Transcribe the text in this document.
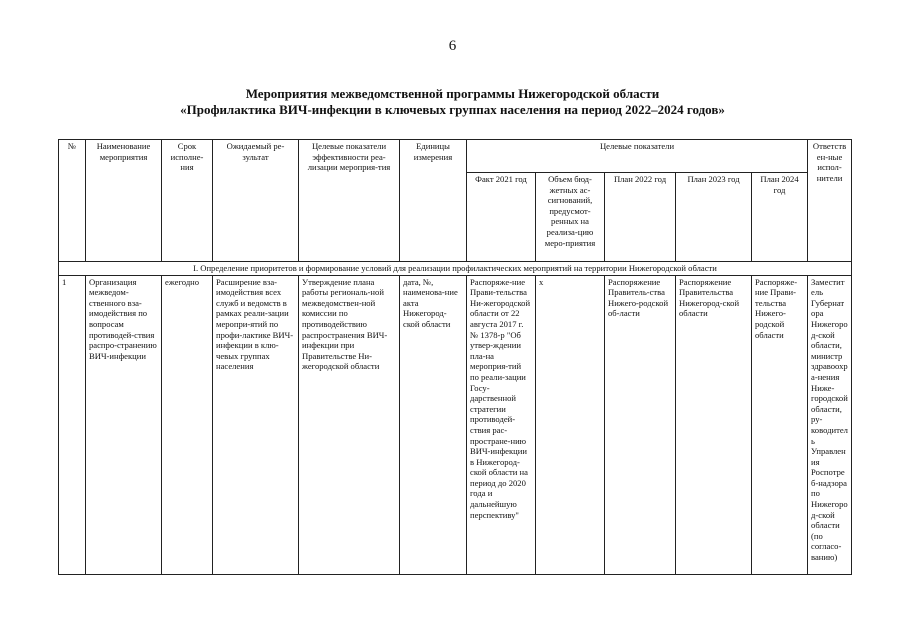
6
Мероприятия межведомственной программы Нижегородской области
«Профилактика ВИЧ-инфекции в ключевых группах населения на период 2022–2024 годов»
№	Наименование мероприятия	Срок исполне-ния	Ожидаемый ре-зультат	Целевые показатели эффективности реа-лизации мероприя-тия	Единицы измерения	Целевые показатели					Ответствен-ные испол-нители
						Факт 2021 год	Объем бюд-жетных ас-сигнований, предусмот-ренных на реализа-цию меро-приятия	План 2022 год	План 2023 год	План 2024 год	
I. Определение приоритетов и формирование условий для реализации профилактических мероприятий на территории Нижегородской области											
1	Организация межведом-ственного вза-имодействия по вопросам противодей-ствия распро-странению ВИЧ-инфекции	ежегодно	Расширение вза-имодействия всех служб и ведомств в рамках реали-зации меропри-ятий по профи-лактике ВИЧ-инфекции в клю-чевых группах населения	Утверждение плана работы региональ-ной межведомствен-ной комиссии по противодействию распространения ВИЧ-инфекции при Правительстве Ни-жегородской области	дата, №, наименова-ние акта Нижегород-ской области	Распоряже-ние Прави-тельства Ни-жегородской области от 22 августа 2017 г. № 1378-р "Об утвер-ждении пла-на мероприя-тий по реали-зации Госу-дарственной стратегии противодей-ствия рас-простране-нию ВИЧ-инфекции в Нижегород-ской области на период до 2020 года и дальнейшую перспективу"	х	Распоряжение Правитель-ства Нижего-родской об-ласти	Распоряжение Правительства Нижегород-ской области	Распоряже-ние Прави-тельства Нижего-родской области	Заместитель Губернатора Нижегород-ской области, министр здравоохра-нения Ниже-городской области, ру-ководитель Управления Роспотреб-надзора по Нижегород-ской области (по согласо-ванию)
